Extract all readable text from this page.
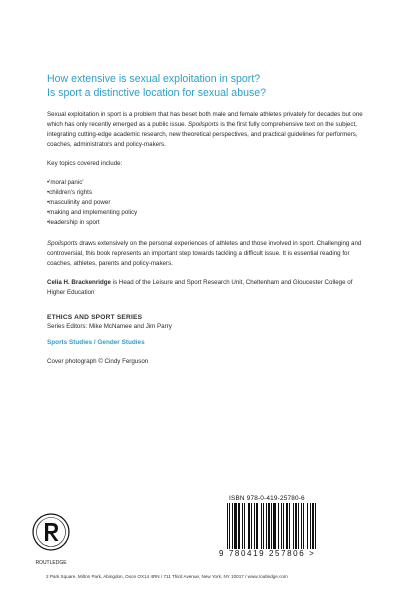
How extensive is sexual exploitation in sport?
Is sport a distinctive location for sexual abuse?

Sexual exploitation in sport is a problem that has beset both male and female athletes privately for decades but one which has only recently emerged as a public issue. Spoilsports is the first fully comprehensive text on the subject, integrating cutting-edge academic research, new theoretical perspectives, and practical guidelines for performers, coaches, administrators and policy-makers.

Key topics covered include:

• 'moral panic'
• children's rights
• masculinity and power
• making and implementing policy
• leadership in sport

Spoilsports draws extensively on the personal experiences of athletes and those involved in sport. Challenging and controversial, this book represents an important step towards tackling a difficult issue. It is essential reading for coaches, athletes, parents and policy-makers.

Celia H. Brackenridge is Head of the Leisure and Sport Research Unit, Cheltenham and Gloucester College of Higher Education

ETHICS AND SPORT SERIES
Series Editors: Mike McNamee and Jim Parry
Sports Studies / Gender Studies
Cover photograph © Cindy Ferguson
ROUTLEDGE
ISBN 978-0-419-25780-6
9 780419 257806 >
2 Park Square, Milton Park, Abingdon, Oxon OX14 4RN / 711 Third Avenue, New York, NY 10017 / www.routledge.com
